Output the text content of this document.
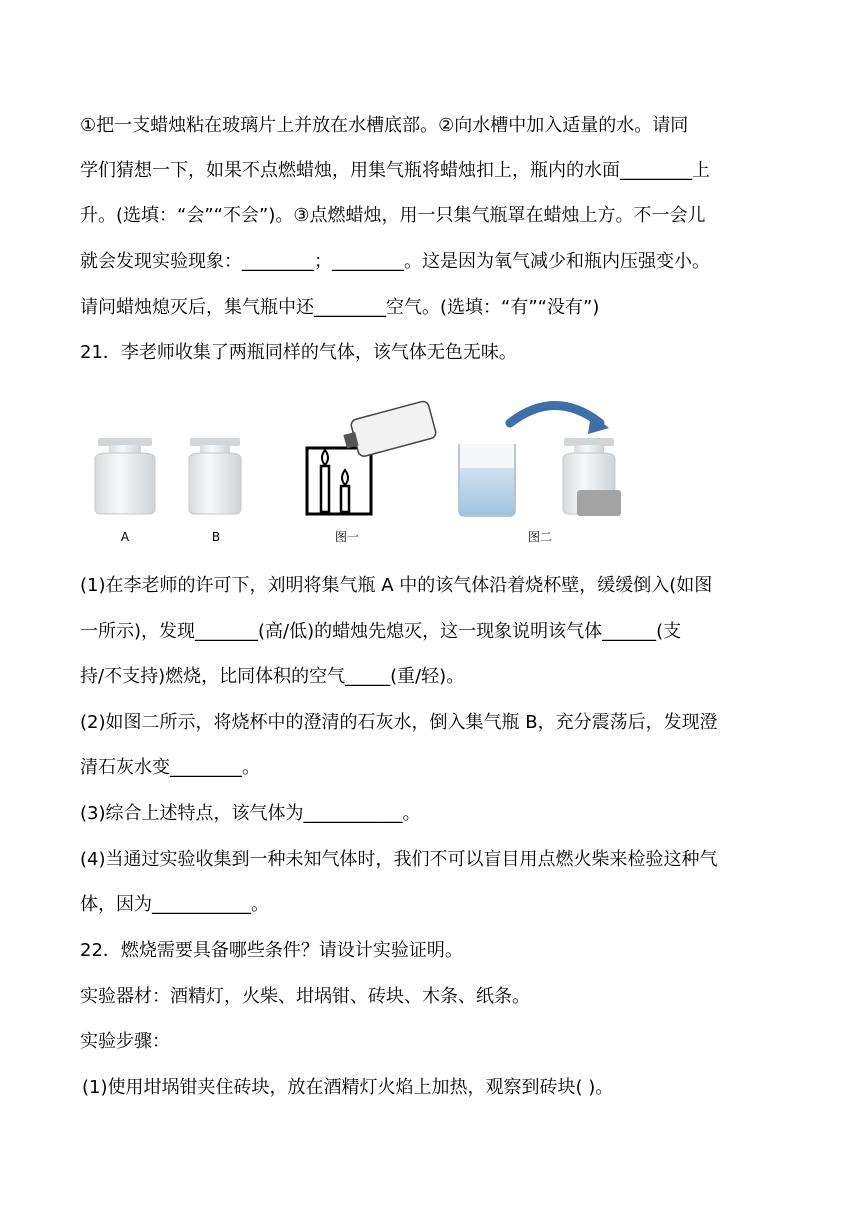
①把一支蜡烛粘在玻璃片上并放在水槽底部。②向水槽中加入适量的水。请同
学们猜想一下，如果不点燃蜡烛，用集气瓶将蜡烛扣上，瓶内的水面________上
升。(选填：“会”“不会”)。③点燃蜡烛，用一只集气瓶罩在蜡烛上方。不一会儿
就会发现实验现象：________；________。这是因为氧气减少和瓶内压强变小。
请问蜡烛熄灭后，集气瓶中还________空气。(选填：“有”“没有”)
21．李老师收集了两瓶同样的气体，该气体无色无味。
A	B	图一	图二
(1)在李老师的许可下，刘明将集气瓶 A 中的该气体沿着烧杯壁，缓缓倒入(如图
一所示)，发现_______(高/低)的蜡烛先熄灭，这一现象说明该气体______(支
持/不支持)燃烧，比同体积的空气_____(重/轻)。
(2)如图二所示，将烧杯中的澄清的石灰水，倒入集气瓶 B，充分震荡后，发现澄
清石灰水变________。
(3)综合上述特点，该气体为___________。
(4)当通过实验收集到一种未知气体时，我们不可以盲目用点燃火柴来检验这种气
体，因为___________。
22．燃烧需要具备哪些条件？请设计实验证明。
实验器材：酒精灯，火柴、坩埚钳、砖块、木条、纸条。
实验步骤：
(1)使用坩埚钳夹住砖块，放在酒精灯火焰上加热，观察到砖块( )。
